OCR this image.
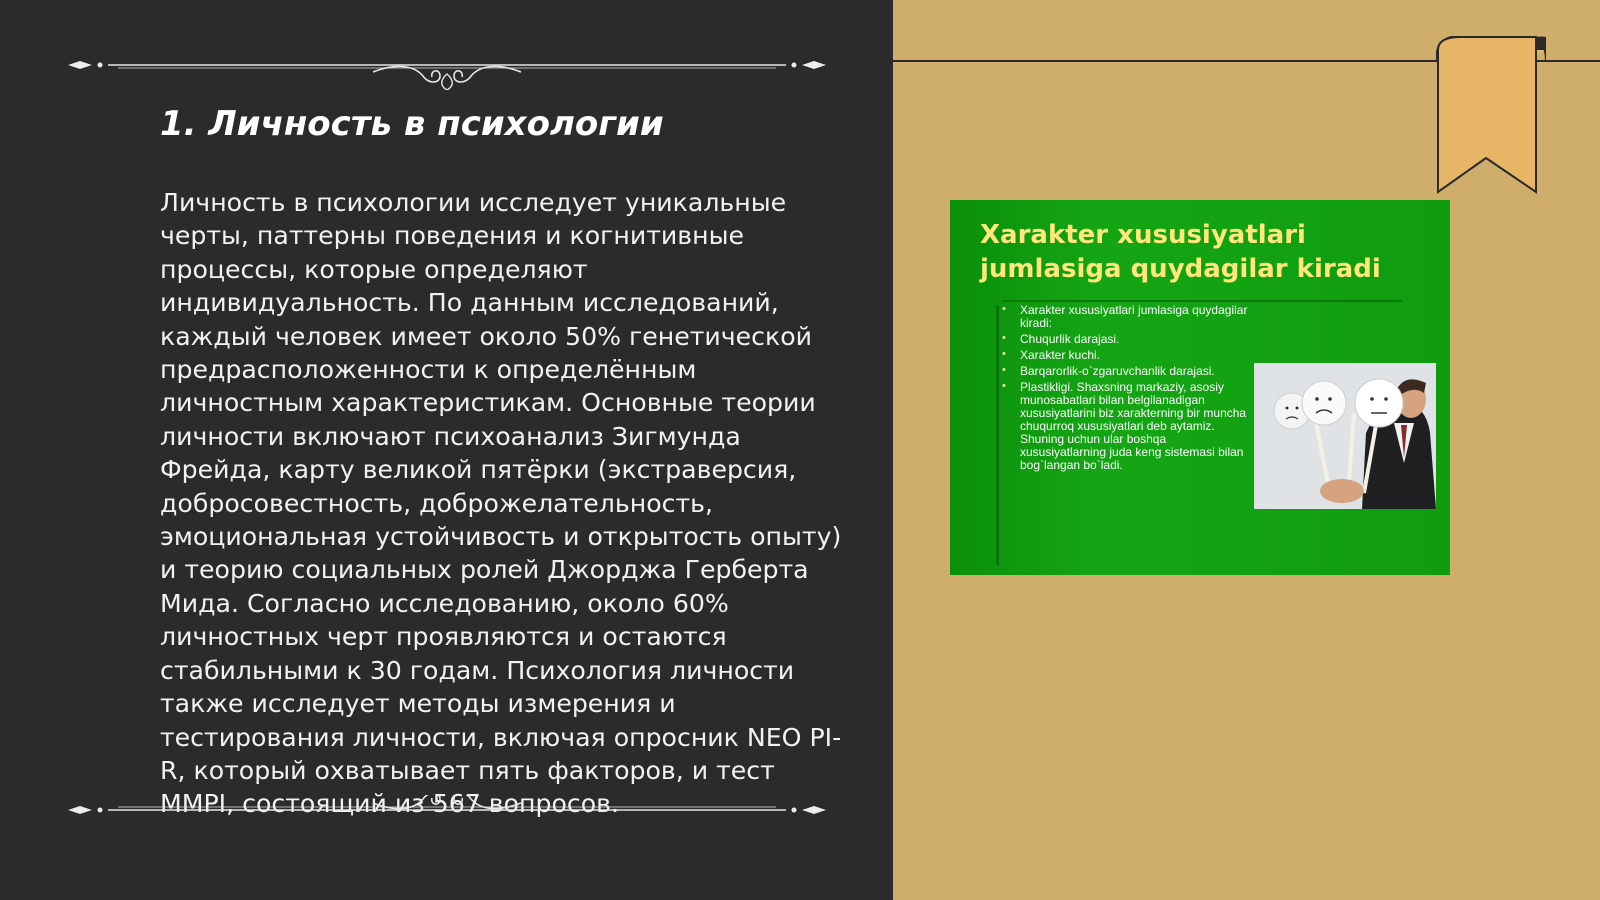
1. Личность в психологии

Личность в психологии исследует уникальные черты, паттерны поведения и когнитивные процессы, которые определяют индивидуальность. По данным исследований, каждый человек имеет около 50% генетической предрасположенности к определённым личностным характеристикам. Основные теории личности включают психоанализ Зигмунда Фрейда, карту великой пятёрки (экстраверсия, добросовестность, доброжелательность, эмоциональная устойчивость и открытость опыту) и теорию социальных ролей Джорджа Герберта Мида. Согласно исследованию, около 60% личностных черт проявляются и остаются стабильными к 30 годам. Психология личности также исследует методы измерения и тестирования личности, включая опросник NEO PI-R, который охватывает пять факторов, и тест MMPI, состоящий из 567 вопросов.

Xarakter xususiyatlari jumlasiga quydagilar kiradi
• Xarakter xususiyatlari jumlasiga quydagilar kiradi:
• Chuqurlik darajasi.
• Xarakter kuchi.
• Barqarorlik-o`zgaruvchanlik darajasi.
• Plastikligi. Shaxsning markaziy, asosiy munosabatlari bilan belgilanadigan xususiyatlarini biz xarakterning bir muncha chuqurroq xususiyatlari deb aytamiz. Shuning uchun ular boshqa xususiyatlarning juda keng sistemasi bilan bog`langan bo`ladi.
